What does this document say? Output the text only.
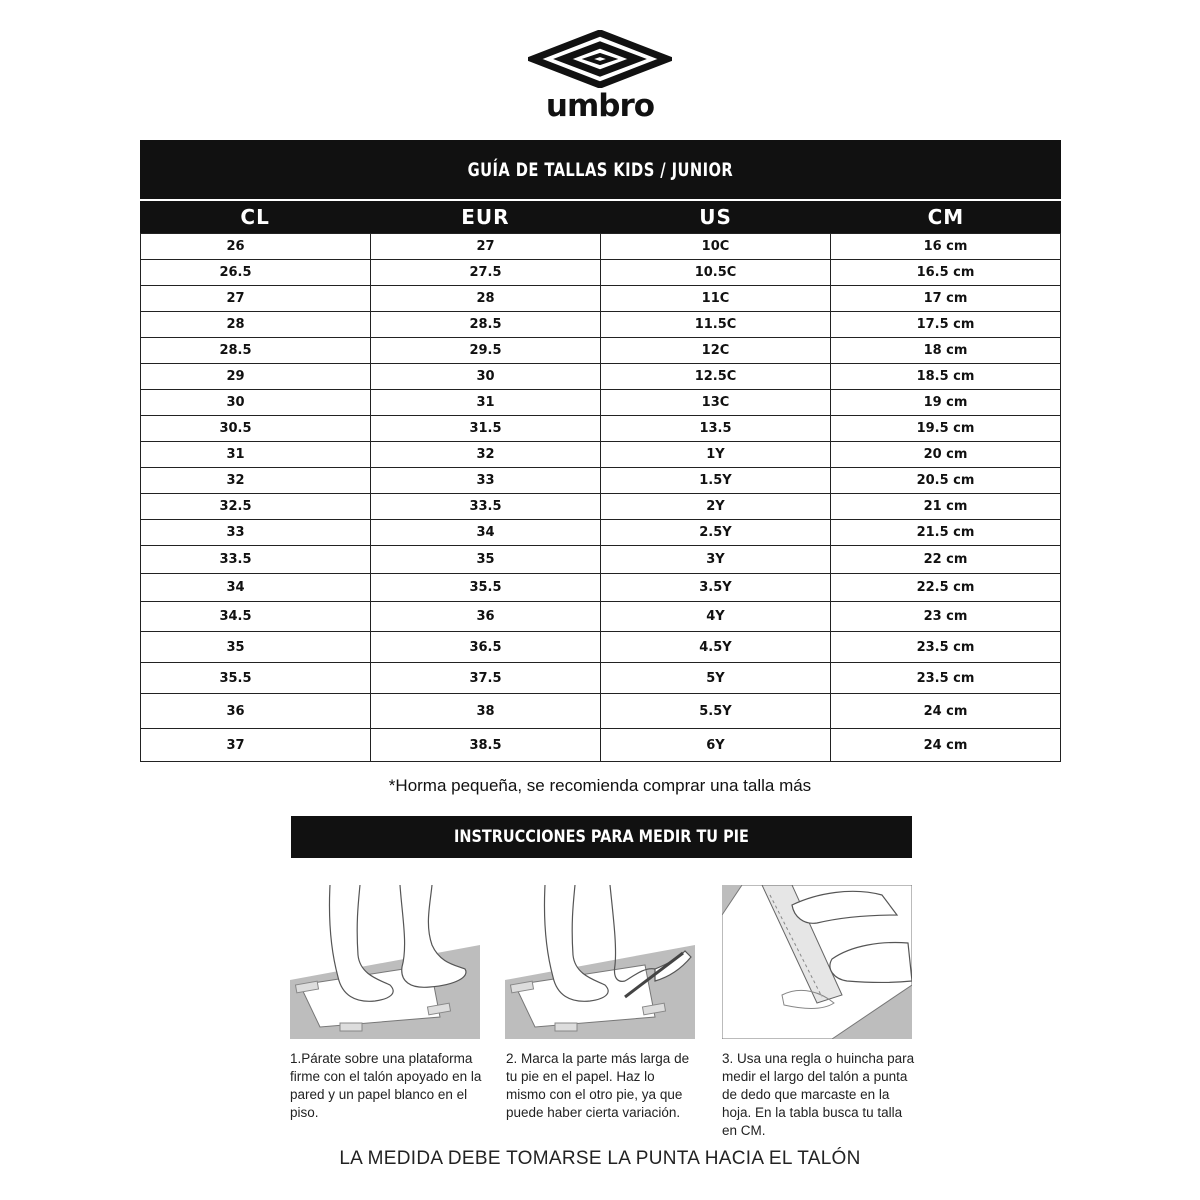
umbro
GUÍA DE TALLAS KIDS / JUNIOR
CL	EUR	US	CM
26	27	10C	16 cm
26.5	27.5	10.5C	16.5 cm
27	28	11C	17 cm
28	28.5	11.5C	17.5 cm
28.5	29.5	12C	18 cm
29	30	12.5C	18.5 cm
30	31	13C	19 cm
30.5	31.5	13.5	19.5 cm
31	32	1Y	20 cm
32	33	1.5Y	20.5 cm
32.5	33.5	2Y	21 cm
33	34	2.5Y	21.5 cm
33.5	35	3Y	22 cm
34	35.5	3.5Y	22.5 cm
34.5	36	4Y	23 cm
35	36.5	4.5Y	23.5 cm
35.5	37.5	5Y	23.5 cm
36	38	5.5Y	24 cm
37	38.5	6Y	24 cm
*Horma pequeña, se recomienda comprar una talla más
INSTRUCCIONES PARA MEDIR TU PIE
1.Párate sobre una plataforma firme con el talón apoyado en la pared y un papel blanco en el piso.
2. Marca la parte más larga de tu pie en el papel. Haz lo mismo con el otro pie, ya que puede haber cierta variación.
3. Usa una regla o huincha para medir el largo del talón a punta de dedo que marcaste en la hoja. En la tabla busca tu talla en CM.
LA MEDIDA DEBE TOMARSE LA PUNTA HACIA EL TALÓN
